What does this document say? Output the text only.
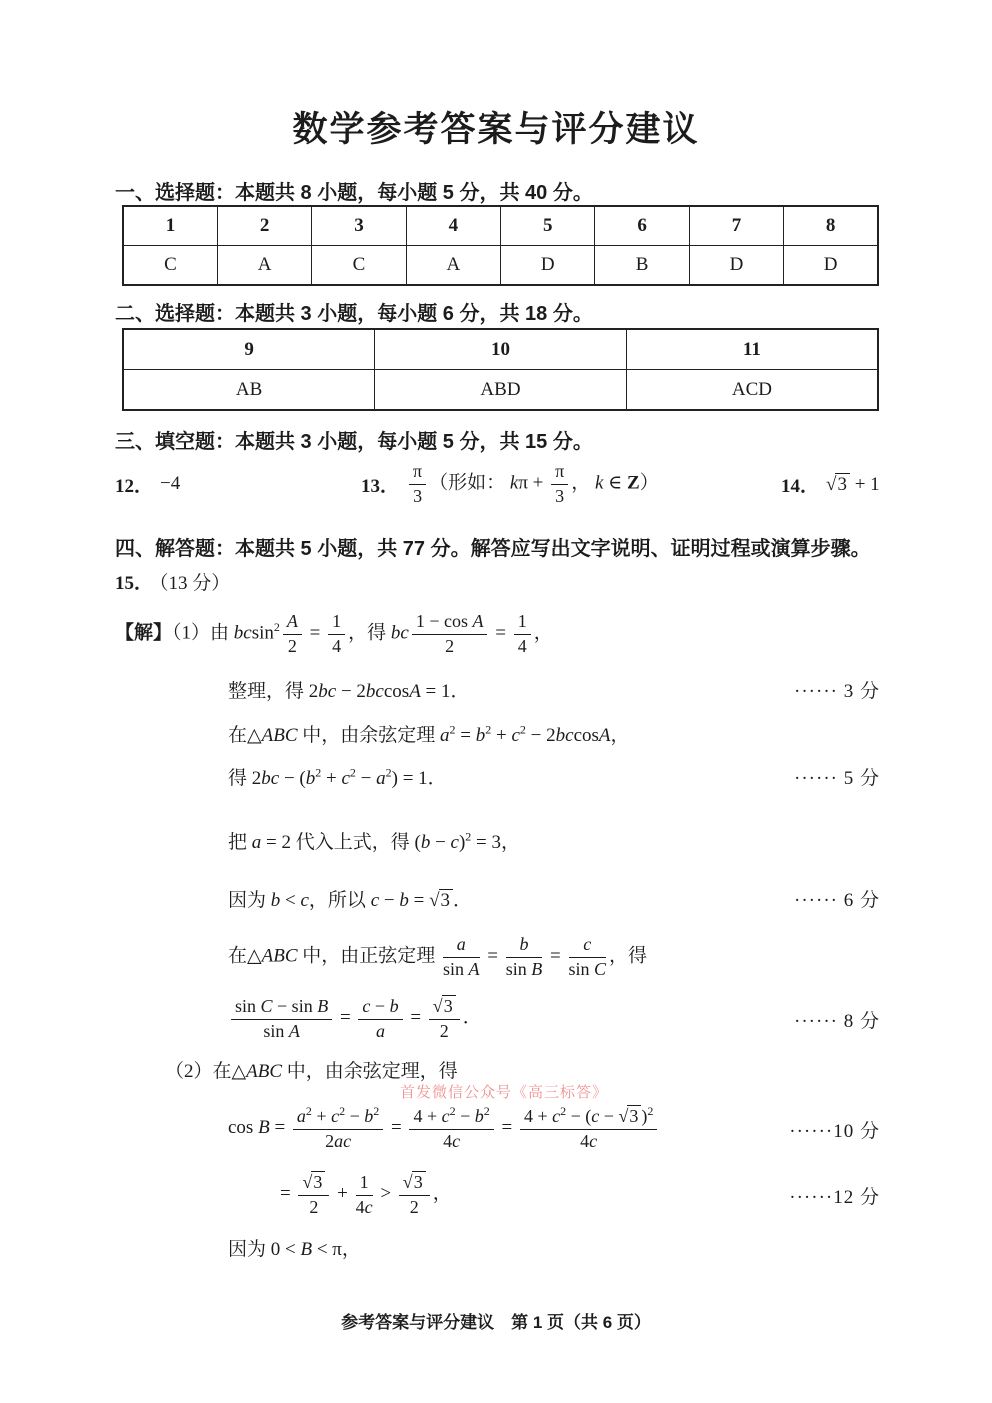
数学参考答案与评分建议
一、选择题：本题共 8 小题，每小题 5 分，共 40 分。
1	2	3	4	5	6	7	8
C	A	C	A	D	B	D	D
二、选择题：本题共 3 小题，每小题 6 分，共 18 分。
9	10	11
AB	ABD	ACD
三、填空题：本题共 3 小题，每小题 5 分，共 15 分。
12． −4	13． $\frac{\pi}{3}$ （形如： $k\pi + \frac{\pi}{3}$ ， k ∈ Z）	14． √3 + 1
四、解答题：本题共 5 小题，共 77 分。解答应写出文字说明、证明过程或演算步骤。
15． （13 分）
【解】（1）由 $bcsin^2 \frac{A}{2} = \frac{1}{4}$ ，得 bc $\frac{\text{1 − cos A}}{2} = \frac{1}{4}$ ，
整理，得 2bc − 2bccosA = 1．	······ 3 分
在△ABC 中，由余弦定理 $a^2 = b^2 + c^2 - 2bccosA$，
得 $2bc - (b^2 + c^2 - a^2) = 1$．	······ 5 分
把 a = 2 代入上式，得 $(b - c)^2 = 3$，
因为 b < c，所以 c − b = √3 ．	······ 6 分
在△ABC 中，由正弦定理 $\frac{a}{\text{sin A}} = \frac{b}{\text{sin B}} = \frac{c}{\text{sin C}}$ ，得
$\frac{\text{sin C − sin B}}{\text{sin A}} = \frac{c - b}{a} = \frac{√3}{2}$ ．	······ 8 分
（2）在△ABC 中，由余弦定理，得
首发微信公众号《高三标答》
$\cos B = \frac{a^2 + c^2 - b^2}{2ac} = \frac{4 + c^2 - b^2}{4c} = \frac{4 + c^2 - (c - √3 )^2}{4c}$	······10 分
= $\frac{√3}{2} + \frac{1}{4c} > \frac{√3}{2}$ ，	······12 分
因为 0 < B < π，
参考答案与评分建议　第 1 页（共 6 页）
